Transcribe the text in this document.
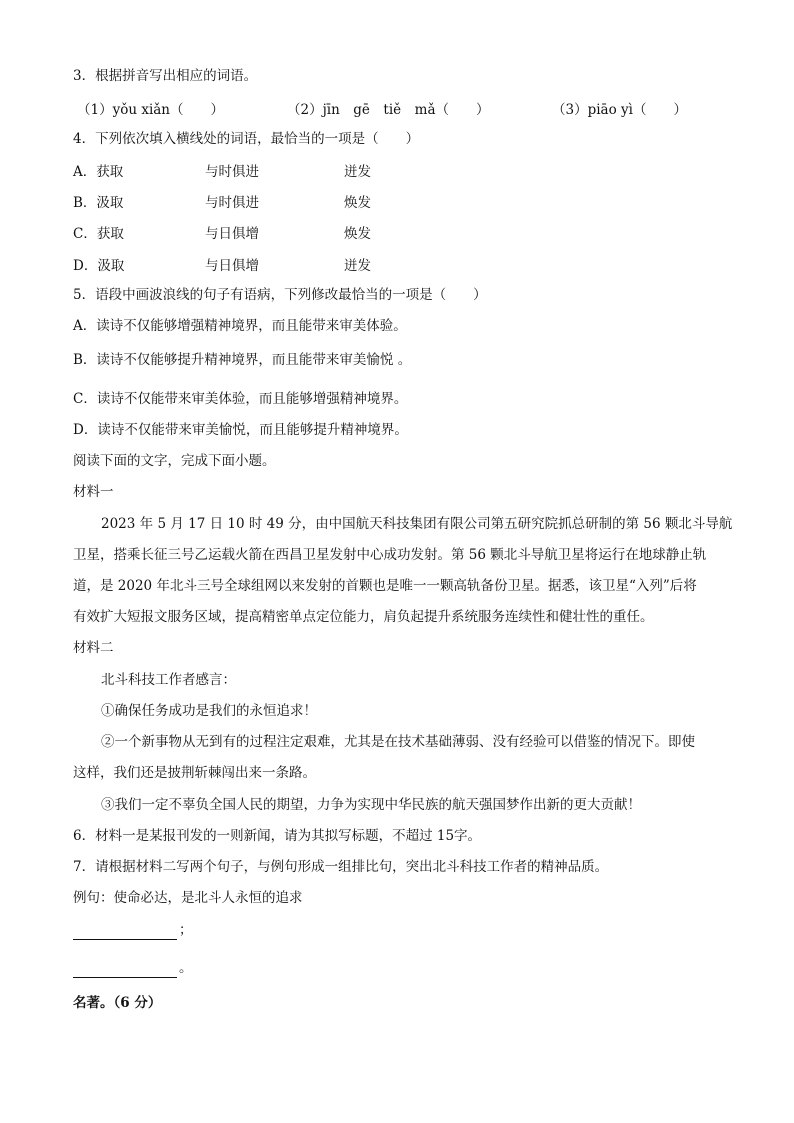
3．根据拼音写出相应的词语。
（1）yǒu xiǎn（　　）	（2）jīn　gē　tiě　mǎ（　　）	（3）piāo yì（　　）
4．下列依次填入横线处的词语，最恰当的一项是（　　）
A．获取	与时俱进	迸发
B．汲取	与时俱进	焕发
C．获取	与日俱增	焕发
D．汲取	与日俱增	迸发
5．语段中画波浪线的句子有语病，下列修改最恰当的一项是（　　）
A．读诗不仅能够增强精神境界，而且能带来审美体验。
B．读诗不仅能够提升精神境界，而且能带来审美愉悦 。
C．读诗不仅能带来审美体验，而且能够增强精神境界。
D．读诗不仅能带来审美愉悦，而且能够提升精神境界。
阅读下面的文字，完成下面小题。
材料一
2023 年 5 月 17 日 10 时 49 分，由中国航天科技集团有限公司第五研究院抓总研制的第 56 颗北斗导航
卫星，搭乘长征三号乙运载火箭在西昌卫星发射中心成功发射。第 56 颗北斗导航卫星将运行在地球静止轨
道，是 2020 年北斗三号全球组网以来发射的首颗也是唯一一颗高轨备份卫星。据悉，该卫星“入列”后将
有效扩大短报文服务区域，提高精密单点定位能力，肩负起提升系统服务连续性和健壮性的重任。
材料二
北斗科技工作者感言：
①确保任务成功是我们的永恒追求！
②一个新事物从无到有的过程注定艰难，尤其是在技术基础薄弱、没有经验可以借鉴的情况下。即使
这样，我们还是披荆斩棘闯出来一条路。
③我们一定不辜负全国人民的期望，力争为实现中华民族的航天强国梦作出新的更大贡献！
6．材料一是某报刊发的一则新闻，请为其拟写标题，不超过 15字。
7．请根据材料二写两个句子，与例句形成一组排比句，突出北斗科技工作者的精神品质。
例句：使命必达，是北斗人永恒的追求
；
。
名著。（6 分）
